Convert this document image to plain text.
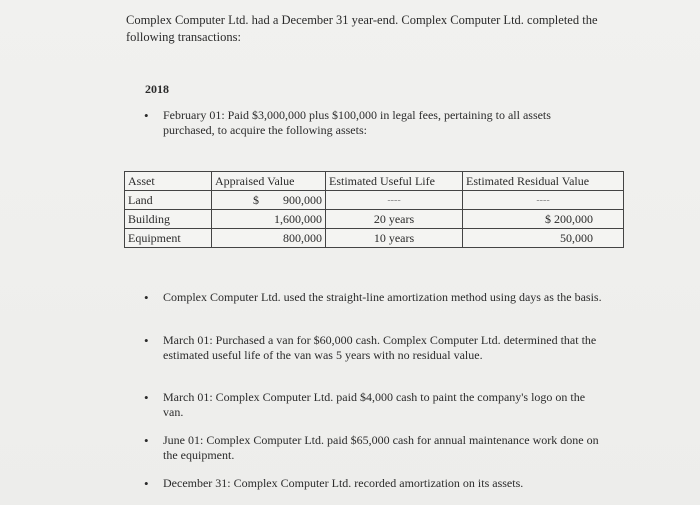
Complex Computer Ltd. had a December 31 year-end. Complex Computer Ltd. completed the following transactions:
2018
•	February 01: Paid $3,000,000 plus $100,000 in legal fees, pertaining to all assets purchased, to acquire the following assets:
Asset	Appraised Value	Estimated Useful Life	Estimated Residual Value
Land	$ 900,000	----	----
Building	1,600,000	20 years	$ 200,000
Equipment	800,000	10 years	50,000
•	Complex Computer Ltd. used the straight-line amortization method using days as the basis.
•	March 01: Purchased a van for $60,000 cash. Complex Computer Ltd. determined that the estimated useful life of the van was 5 years with no residual value.
•	March 01: Complex Computer Ltd. paid $4,000 cash to paint the company's logo on the van.
•	June 01: Complex Computer Ltd. paid $65,000 cash for annual maintenance work done on the equipment.
•	December 31: Complex Computer Ltd. recorded amortization on its assets.
